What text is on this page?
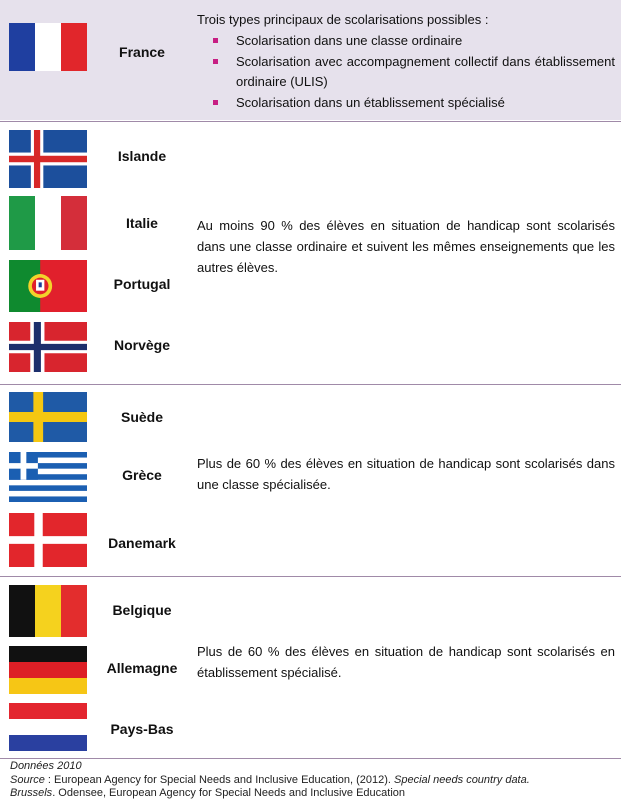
France
Trois types principaux de scolarisations possibles :
Scolarisation dans une classe ordinaire
Scolarisation avec accompagnement collectif dans établissement ordinaire (ULIS)
Scolarisation dans un établissement spécialisé
Islande
Italie
Portugal
Norvège
Au moins 90 % des élèves en situation de handicap sont scolarisés dans une classe ordinaire et suivent les mêmes enseignements que les autres élèves.
Suède
Grèce
Danemark
Plus de 60 % des élèves en situation de handicap sont scolarisés dans une classe spécialisée.
Belgique
Allemagne
Pays-Bas
Plus de 60 % des élèves en situation de handicap sont scolarisés en établissement spécialisé.
Données 2010
Source : European Agency for Special Needs and Inclusive Education, (2012). Special needs country data.
Brussels. Odensee, European Agency for Special Needs and Inclusive Education
